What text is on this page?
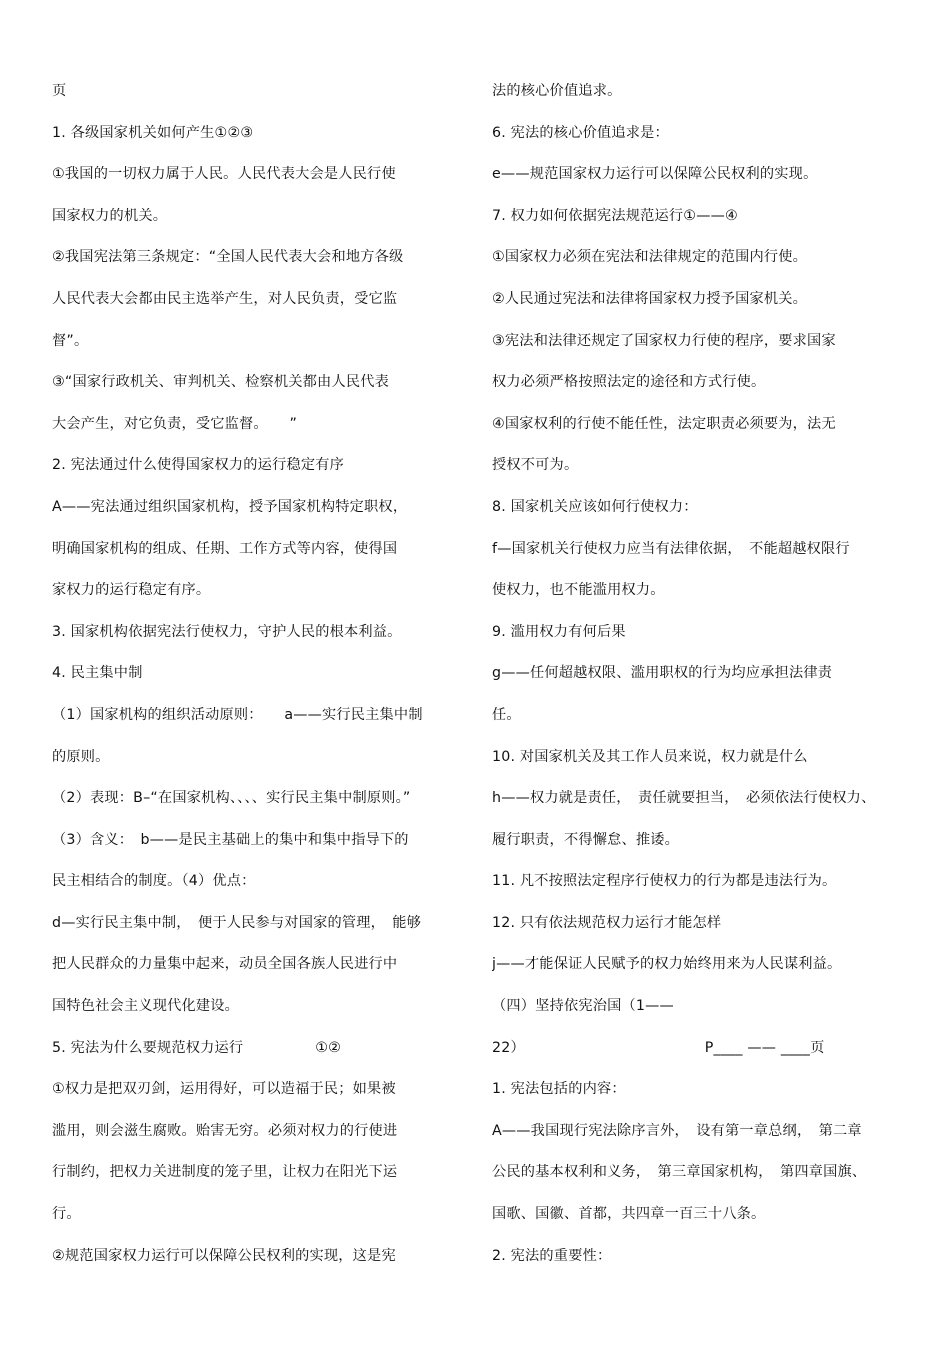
页
1. 各级国家机关如何产生①②③
①我国的一切权力属于人民。人民代表大会是人民行使
国家权力的机关。
②我国宪法第三条规定：“全国人民代表大会和地方各级
人民代表大会都由民主选举产生，对人民负责，受它监
督”。
③“国家行政机关、审判机关、检察机关都由人民代表
大会产生，对它负责，受它监督。　　”
2. 宪法通过什么使得国家权力的运行稳定有序
A——宪法通过组织国家机构，授予国家机构特定职权，
明确国家机构的组成、任期、工作方式等内容，使得国
家权力的运行稳定有序。
3. 国家机构依据宪法行使权力，守护人民的根本利益。
4. 民主集中制
（1）国家机构的组织活动原则：　　a——实行民主集中制
的原则。
（2）表现：B–“在国家机构、、、、实行民主集中制原则。”
（3）含义：　b——是民主基础上的集中和集中指导下的
民主相结合的制度。（4）优点：
d—实行民主集中制，　便于人民参与对国家的管理，　能够
把人民群众的力量集中起来，动员全国各族人民进行中
国特色社会主义现代化建设。
5. 宪法为什么要规范权力运行　　　　　①②
①权力是把双刃剑，运用得好，可以造福于民；如果被
滥用，则会滋生腐败。贻害无穷。必须对权力的行使进
行制约，把权力关进制度的笼子里，让权力在阳光下运
行。
②规范国家权力运行可以保障公民权利的实现，这是宪
法的核心价值追求。
6. 宪法的核心价值追求是：
e——规范国家权力运行可以保障公民权利的实现。
7. 权力如何依据宪法规范运行①——④
①国家权力必须在宪法和法律规定的范围内行使。
②人民通过宪法和法律将国家权力授予国家机关。
③宪法和法律还规定了国家权力行使的程序，要求国家
权力必须严格按照法定的途径和方式行使。
④国家权利的行使不能任性，法定职责必须要为，法无
授权不可为。
8. 国家机关应该如何行使权力：
f—国家机关行使权力应当有法律依据，　不能超越权限行
使权力，也不能滥用权力。
9. 滥用权力有何后果
g——任何超越权限、滥用职权的行为均应承担法律责
任。
10. 对国家机关及其工作人员来说，权力就是什么
h——权力就是责任，　责任就要担当，　必须依法行使权力、
履行职责，不得懈怠、推诿。
11. 凡不按照法定程序行使权力的行为都是违法行为。
12. 只有依法规范权力运行才能怎样
j——才能保证人民赋予的权力始终用来为人民谋利益。
（四）坚持依宪治国（1——
22）　　　　　　　　　　　　　P____ —— ____页
1. 宪法包括的内容：
A——我国现行宪法除序言外，　设有第一章总纲，　第二章
公民的基本权利和义务，　第三章国家机构，　第四章国旗、
国歌、国徽、首都，共四章一百三十八条。
2. 宪法的重要性：
